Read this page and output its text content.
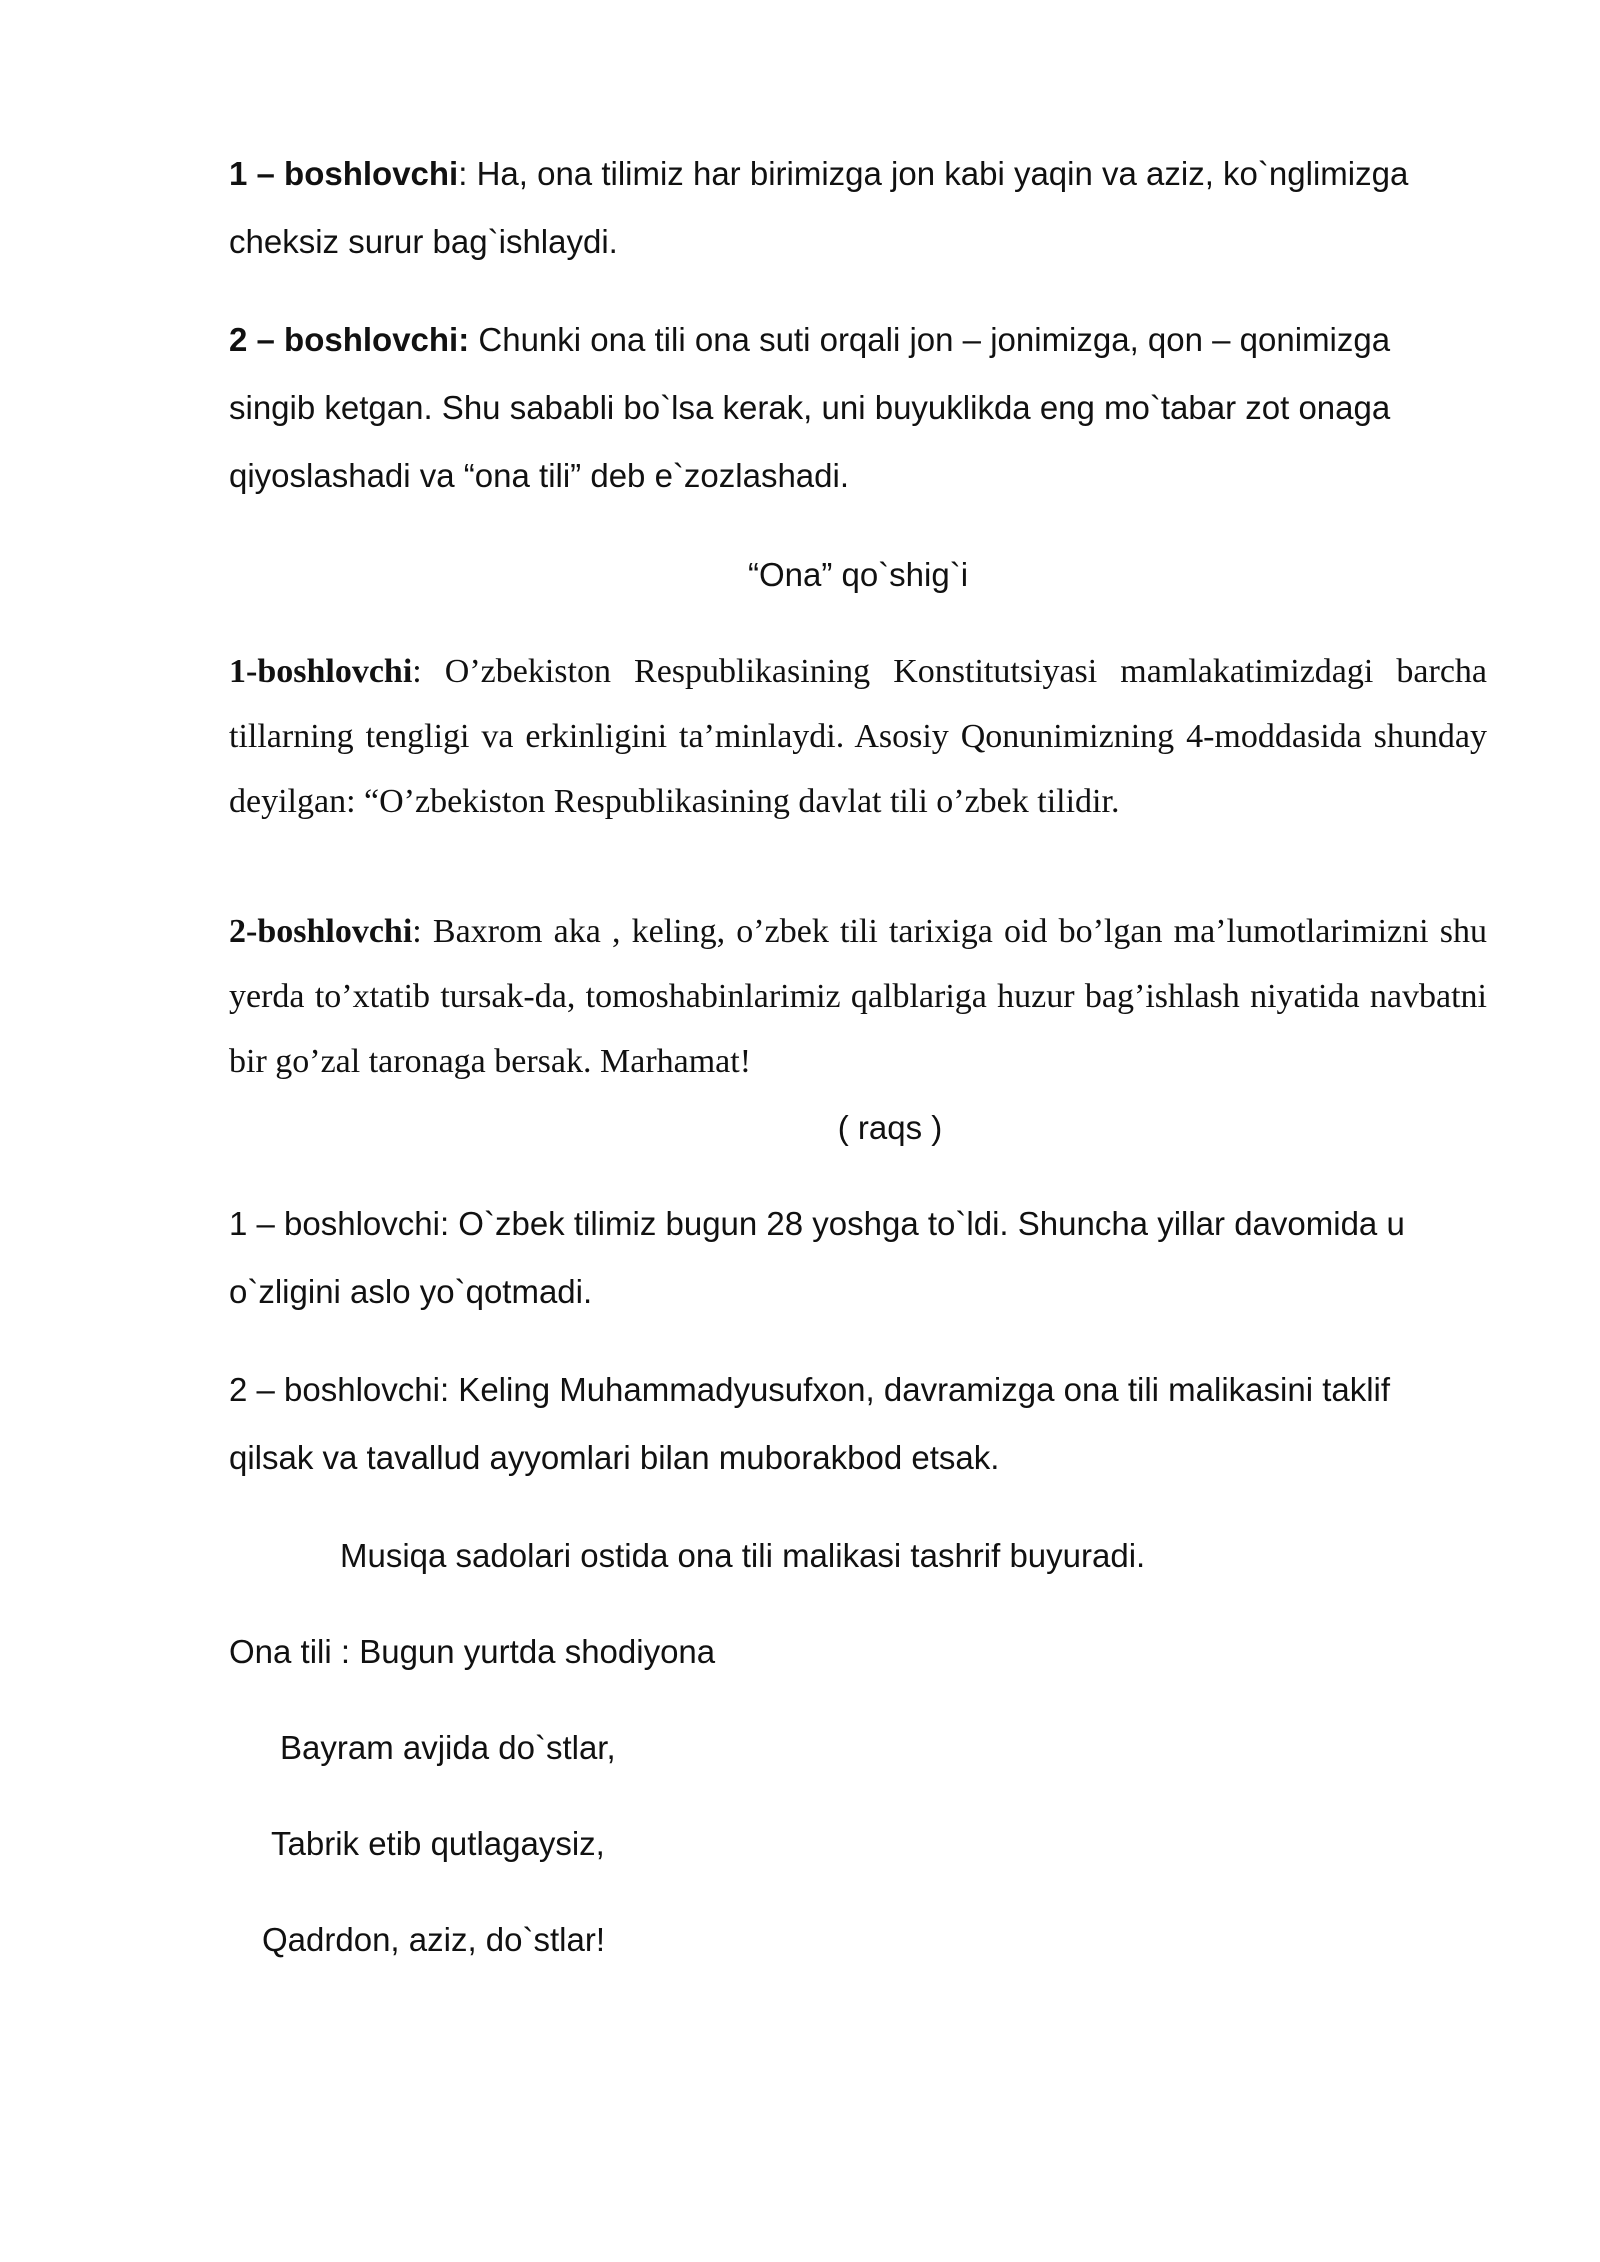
1 – boshlovchi: Ha, ona tilimiz har birimizga jon kabi yaqin va aziz, ko`nglimizga
cheksiz surur bag`ishlaydi.
2 – boshlovchi: Chunki ona tili ona suti orqali jon – jonimizga, qon – qonimizga
singib ketgan. Shu sababli bo`lsa kerak, uni buyuklikda eng mo`tabar zot onaga
qiyoslashadi va “ona tili” deb e`zozlashadi.
“Ona” qo`shig`i

1-boshlovchi: O’zbekiston Respublikasining Konstitutsiyasi mamlakatimizdagi barcha tillarning tengligi va erkinligini ta’minlaydi. Asosiy Qonunimizning 4-moddasida shunday deyilgan: “O’zbekiston Respublikasining davlat tili o’zbek tilidir.

2-boshlovchi: Baxrom aka , keling, o’zbek tili tarixiga oid bo’lgan ma’lumotlarimizni shu yerda to’xtatib tursak-da, tomoshabinlarimiz qalblariga huzur bag’ishlash niyatida navbatni bir go’zal taronaga bersak. Marhamat!

( raqs )
1 – boshlovchi: O`zbek tilimiz bugun 28 yoshga to`ldi. Shuncha yillar davomida u
o`zligini aslo yo`qotmadi.
2 – boshlovchi: Keling Muhammadyusufxon, davramizga ona tili malikasini taklif
qilsak va tavallud ayyomlari bilan muborakbod etsak.
Musiqa sadolari ostida ona tili malikasi tashrif buyuradi.
Ona tili : Bugun yurtda shodiyona
Bayram avjida do`stlar,
Tabrik etib qutlagaysiz,
Qadrdon, aziz, do`stlar!
